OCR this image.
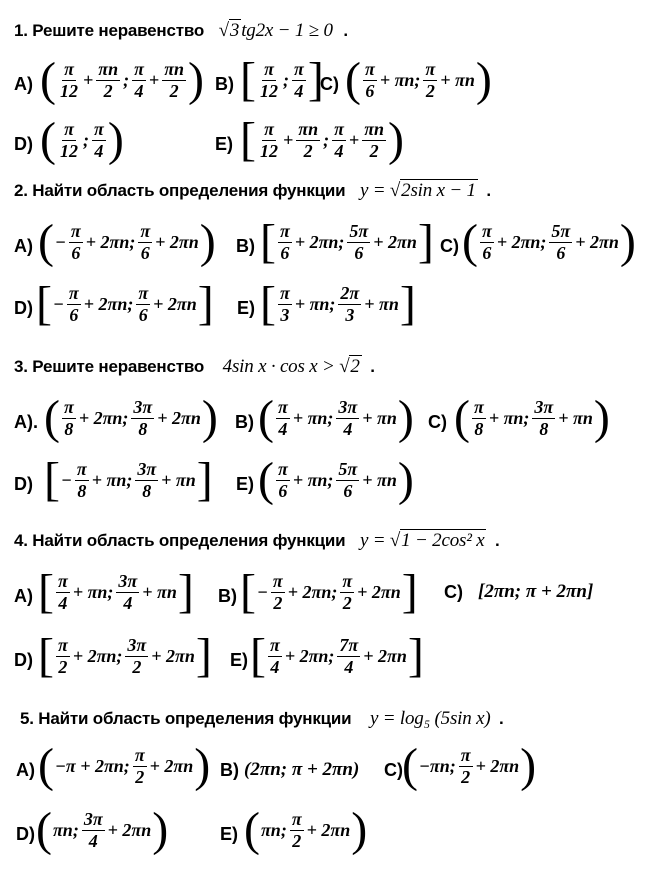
1. Решите неравенство √3 tg2x − 1 ≥ 0 .
A) ( $\frac{\pi}{12} + \frac{\pi n}{2}$ ; $\frac{\pi}{4} + \frac{\pi n}{2}$ ) B) [ $\frac{\pi}{12}$ ; $\frac{\pi}{4}$ ]
C) ( $\frac{\pi}{6} + \pi n$; $\frac{\pi}{2} + \pi n$ )
D) ( $\frac{\pi}{12}$ ; $\frac{\pi}{4}$ )	E) [ $\frac{\pi}{12} + \frac{\pi n}{2}$ ; $\frac{\pi}{4} + \frac{\pi n}{2}$ )
2. Найти область определения функции y = √2sin x − 1 .
A) ( − $\frac{\pi}{6} + 2\pi n$; $\frac{\pi}{6} + 2\pi n$ ) B) [ $\frac{\pi}{6} + 2\pi n$; $\frac{5\pi}{6} + 2\pi n$ ] C) ( $\frac{\pi}{6} + 2\pi n$; $\frac{5\pi}{6} + 2\pi n$ )
D) [ − $\frac{\pi}{6} + 2\pi n$; $\frac{\pi}{6} + 2\pi n$ ] E) [ $\frac{\pi}{3} + \pi n$; $\frac{2\pi}{3} + \pi n$ ]
3. Решите неравенство 4sin x · cos x > √2 .
A). ( $\frac{\pi}{8} + 2\pi n$; $\frac{3\pi}{8} + 2\pi n$ ) B) ( $\frac{\pi}{4} + \pi n$; $\frac{3\pi}{4} + \pi n$ ) C) ( $\frac{\pi}{8} + \pi n$; $\frac{3\pi}{8} + \pi n$ )
D) [ − $\frac{\pi}{8} + \pi n$; $\frac{3\pi}{8} + \pi n$ ] E) ( $\frac{\pi}{6} + \pi n$; $\frac{5\pi}{6} + \pi n$ )
4. Найти область определения функции y = √1 − 2cos² x .
A) [ $\frac{\pi}{4} + \pi n$; $\frac{3\pi}{4} + \pi n$ ] B) [ − $\frac{\pi}{2} + 2\pi n$; $\frac{\pi}{2} + 2\pi n$ ] C) [2πn; π + 2πn]
D) [ $\frac{\pi}{2} + 2\pi n$; $\frac{3\pi}{2} + 2\pi n$ ] E) [ $\frac{\pi}{4} + 2\pi n$; $\frac{7\pi}{4} + 2\pi n$ ]
5. Найти область определения функции y = log₅ (5sin x) .
A) ( −π + 2πn; $\frac{\pi}{2} + 2\pi n$ ) B) (2πn; π + 2πn) C) ( −πn; $\frac{\pi}{2} + 2\pi n$ )
D) ( πn; $\frac{3\pi}{4} + 2\pi n$ )	E) ( πn; $\frac{\pi}{2} + 2\pi n$ )
